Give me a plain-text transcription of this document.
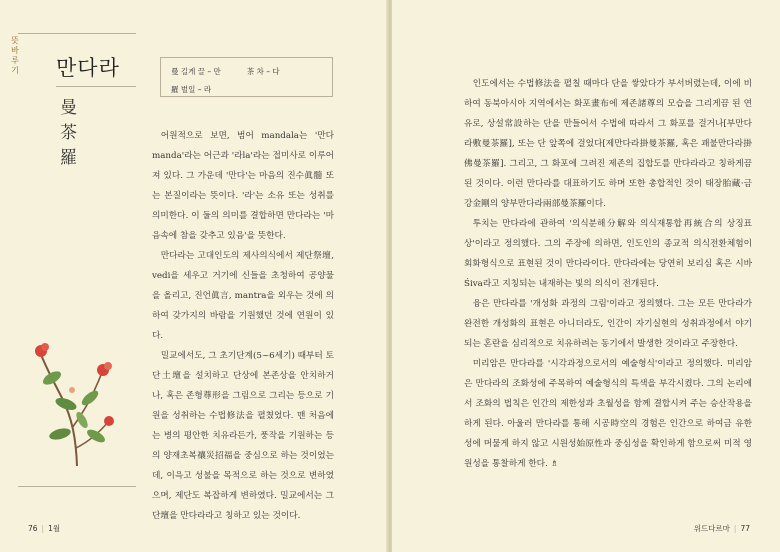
뜻 바루기 만다라
曼
茶
羅
曼 길게 끌 – 만	茶 차 – 다
羅 벌일 – 라

어원적으로 보면, 범어 mandala는 '만다manda'라는 어근과 '라la'라는 접미사로 이루어져 있다. 그 가운데 '만다'는 마음의 진수眞髓 또는 본질이라는 뜻이다. '라'는 소유 또는 성취를 의미한다. 이 둘의 의미를 결합하면 만다라는 '마음속에 참을 갖추고 있음'을 뜻한다.

만다라는 고대인도의 제사의식에서 제단祭壇, vedi을 세우고 거기에 신들을 초청하여 공양물을 올리고, 진언眞言, mantra을 외우는 것에 의하여 갖가지의 바람을 기원했던 것에 연원이 있다.

밀교에서도, 그 초기단계(5~6세기) 때부터 토단土壇을 설치하고 단상에 본존상을 안치하거나, 혹은 존형尊形을 그림으로 그리는 등으로 기원을 성취하는 수법修法을 펼쳤었다. 맨 처음에는 병의 평안한 치유라든가, 풍작을 기원하는 등의 양재초복禳災招福을 중심으로 하는 것이었는데, 이윽고 성불을 목적으로 하는 것으로 변하였으며, 제단도 복잡하게 변하였다. 밀교에서는 그 단壇을 만다라라고 칭하고 있는 것이다.

76 | 1월

인도에서는 수법修法을 펼칠 때마다 단을 쌓았다가 부서버렸는데, 이에 비하여 동북아시아 지역에서는 화포畫布에 제존諸尊의 모습을 그리게끔 된 연유로, 상설常設하는 단을 만들어서 수법에 따라서 그 화포를 걸거나[부만다라敷曼茶羅], 또는 단 앞쪽에 걸었다[제만다라掛曼茶羅, 혹은 괘불만다라掛佛曼茶羅]. 그리고, 그 화포에 그려진 제존의 집합도를 만다라라고 칭하게끔 된 것이다. 이런 만다라를 대표하기도 하며 또한 총합적인 것이 태장胎藏·금강金剛의 양부만다라兩部曼茶羅이다.

투치는 만다라에 관하여 '의식분해分解와 의식재통합再統合의 상징표상'이라고 정의했다. 그의 주장에 의하면, 인도인의 종교적 의식전환체험이 회화형식으로 표현된 것이 만다라이다. 만다라에는 당연히 보리심 혹은 시바Śiva라고 지칭되는 내재하는 빛의 의식이 전개된다.

융은 만다라를 '개성화 과정의 그림'이라고 정의했다. 그는 모든 만다라가 완전한 개성화의 표현은 아니더라도, 인간이 자기실현의 성취과정에서 야기되는 혼란을 심리적으로 치유하려는 동기에서 발생한 것이라고 주장한다.

미리암은 만다라를 '시각과정으로서의 예술형식'이라고 정의했다. 미리암은 만다라의 조화성에 주목하여 예술형식의 특색을 부각시켰다. 그의 논리에서 조화의 법칙은 인간의 제한성과 초월성을 함께 결합시켜 주는 승산작용을 하게 된다. 아울러 만다라를 통해 시공時空의 경험은 인간으로 하여금 유한성에 머물게 하지 않고 시원성始原性과 중심성을 확인하게 함으로써 미적 영원성을 통찰하게 한다. ♗

위드다르마 | 77
